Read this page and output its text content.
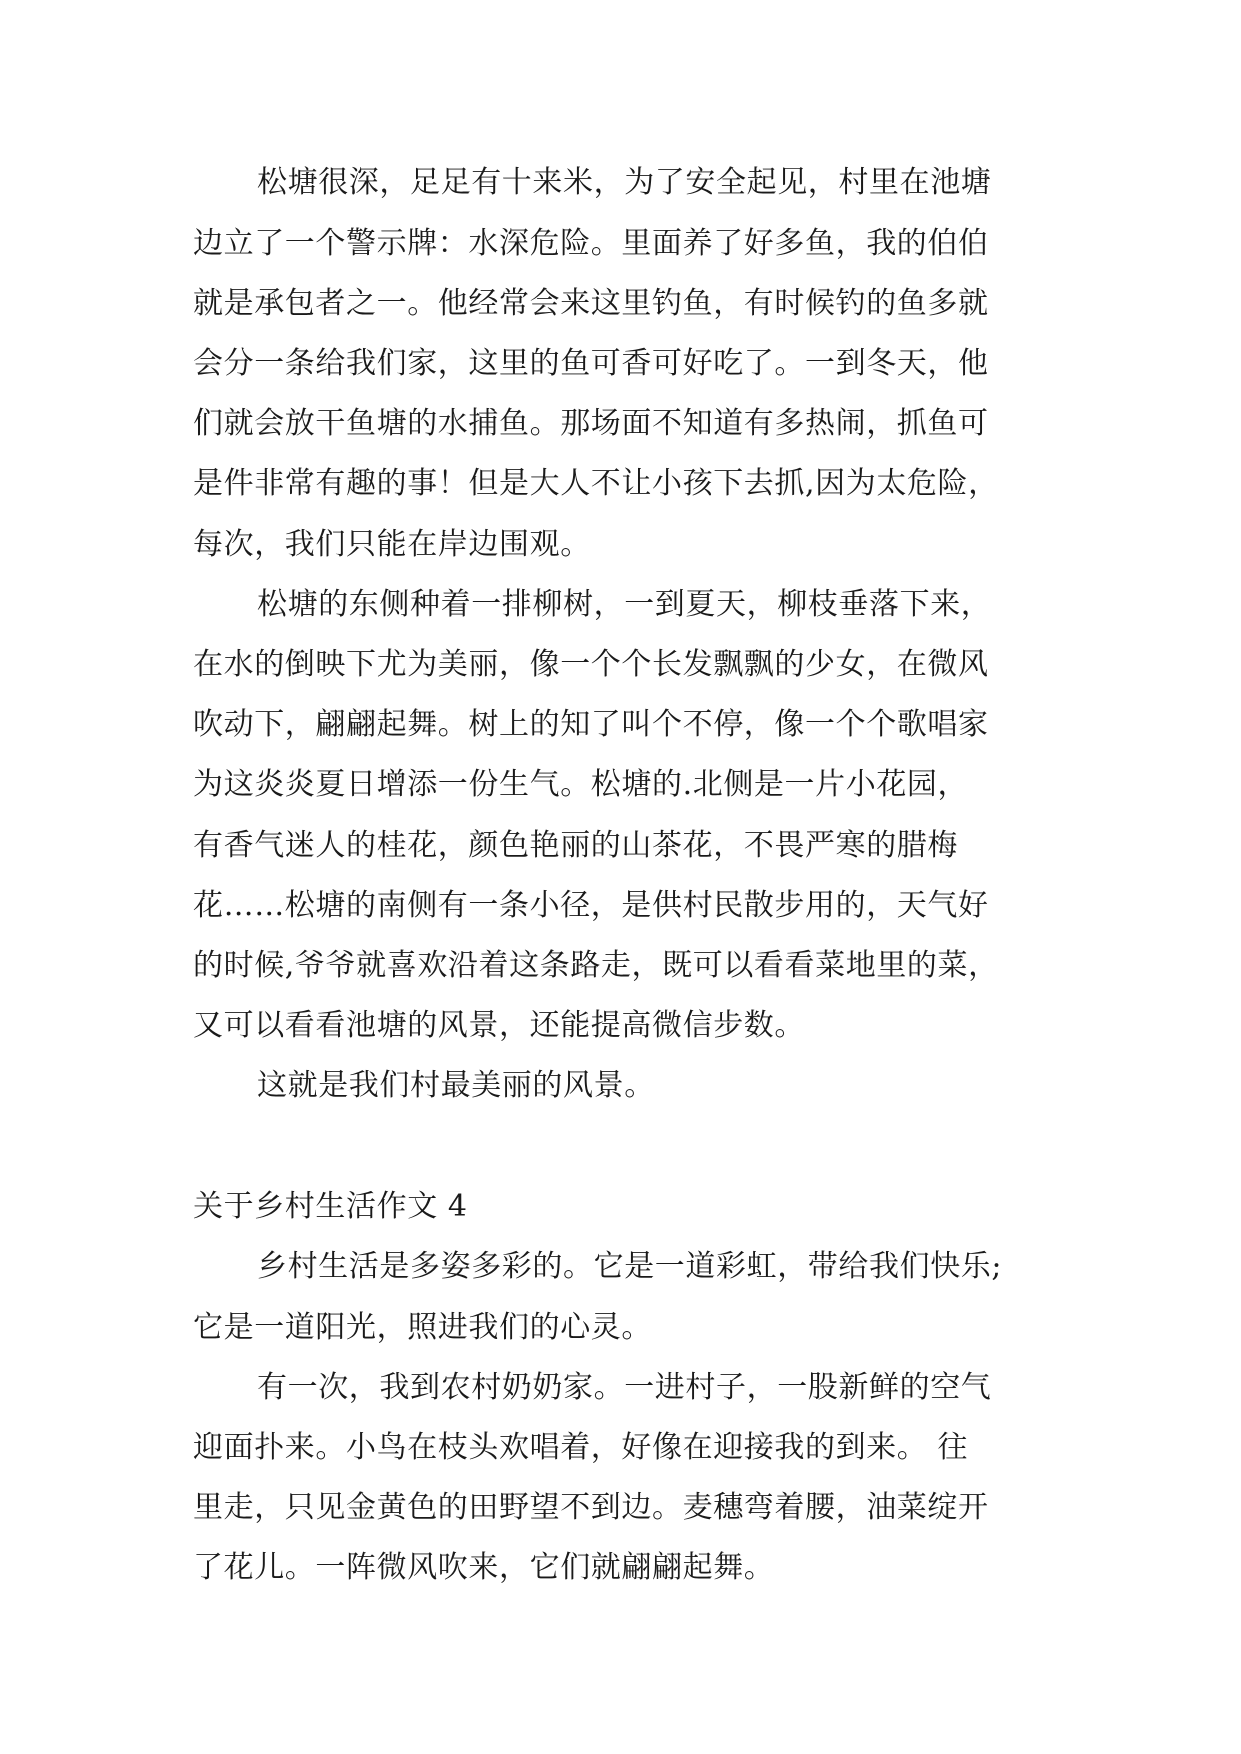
松塘很深，足足有十来米，为了安全起见，村里在池塘
边立了一个警示牌：水深危险。里面养了好多鱼，我的伯伯
就是承包者之一。他经常会来这里钓鱼，有时候钓的鱼多就
会分一条给我们家，这里的鱼可香可好吃了。一到冬天，他
们就会放干鱼塘的水捕鱼。那场面不知道有多热闹，抓鱼可
是件非常有趣的事！但是大人不让小孩下去抓,因为太危险，
每次，我们只能在岸边围观。
松塘的东侧种着一排柳树，一到夏天，柳枝垂落下来，
在水的倒映下尤为美丽，像一个个长发飘飘的少女，在微风
吹动下，翩翩起舞。树上的知了叫个不停，像一个个歌唱家
为这炎炎夏日增添一份生气。松塘的.北侧是一片小花园，
有香气迷人的桂花，颜色艳丽的山茶花，不畏严寒的腊梅
花……松塘的南侧有一条小径，是供村民散步用的，天气好
的时候,爷爷就喜欢沿着这条路走，既可以看看菜地里的菜，
又可以看看池塘的风景，还能提高微信步数。
这就是我们村最美丽的风景。
关于乡村生活作文 4
乡村生活是多姿多彩的。它是一道彩虹，带给我们快乐;
它是一道阳光，照进我们的心灵。
有一次，我到农村奶奶家。一进村子，一股新鲜的空气
迎面扑来。小鸟在枝头欢唱着，好像在迎接我的到来。 往
里走，只见金黄色的田野望不到边。麦穗弯着腰，油菜绽开
了花儿。一阵微风吹来，它们就翩翩起舞。
